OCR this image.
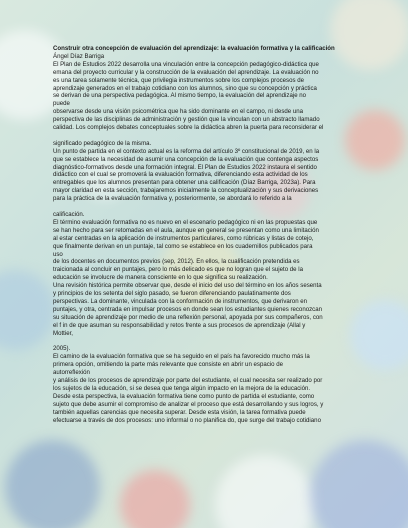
Construir otra concepción de evaluación del aprendizaje: la evaluación formativa y la calificación

Ángel Díaz Barriga

El Plan de Estudios 2022 desarrolla una vinculación entre la concepción pedagógico-didáctica que
emana del proyecto curricular y la construcción de la evaluación del aprendizaje. La evaluación no
es una tarea solamente técnica, que privilegia instrumentos sobre los complejos procesos de
aprendizaje generados en el trabajo cotidiano con los alumnos, sino que su concepción y práctica
se derivan de una perspectiva pedagógica. Al mismo tiempo, la evaluación del aprendizaje no
puede
observarse desde una visión psicométrica que ha sido dominante en el campo, ni desde una
perspectiva de las disciplinas de administración y gestión que la vinculan con un abstracto llamado
calidad. Los complejos debates conceptuales sobre la didáctica abren la puerta para reconsiderar el

significado pedagógico de la misma.
Un punto de partida en el contexto actual es la reforma del artículo 3º constitucional de 2019, en la
que se establece la necesidad de asumir una concepción de la evaluación que contenga aspectos
diagnóstico-formativos desde una formación integral. El Plan de Estudios 2022 instaura el sentido
didáctico con el cual se promoverá la evaluación formativa, diferenciando esta actividad de los
entregables que los alumnos presentan para obtener una calificación (Díaz Barriga, 2023a). Para
mayor claridad en esta sección, trabajaremos inicialmente la conceptualización y sus derivaciones
para la práctica de la evaluación formativa y, posteriormente, se abordará lo referido a la

calificación.
El término evaluación formativa no es nuevo en el escenario pedagógico ni en las propuestas que
se han hecho para ser retomadas en el aula, aunque en general se presentan como una limitación
al estar centradas en la aplicación de instrumentos particulares, como rúbricas y listas de cotejo,
que finalmente derivan en un puntaje, tal como se establece en los cuadernillos publicados para
uso
de los docentes en documentos previos (sep, 2012). En ellos, la cualificación pretendida es
traicionada al concluir en puntajes, pero lo más delicado es que no logran que el sujeto de la
educación se involucre de manera consciente en lo que significa su realización.
Una revisión histórica permite observar que, desde el inicio del uso del término en los años sesenta
y principios de los setenta del siglo pasado, se fueron diferenciando paulatinamente dos
perspectivas. La dominante, vinculada con la conformación de instrumentos, que derivaron en
puntajes, y otra, centrada en impulsar procesos en donde sean los estudiantes quienes reconozcan
su situación de aprendizaje por medio de una reflexión personal, apoyada por sus compañeros, con
el f in de que asuman su responsabilidad y retos frente a sus procesos de aprendizaje (Allal y
Mottier,

2005).
El camino de la evaluación formativa que se ha seguido en el país ha favorecido mucho más la
primera opción, omitiendo la parte más relevante que consiste en abrir un espacio de
autorreflexión
y análisis de los procesos de aprendizaje por parte del estudiante, el cual necesita ser realizado por
los sujetos de la educación, si se desea que tenga algún impacto en la mejora de la educación.
Desde esta perspectiva, la evaluación formativa tiene como punto de partida el estudiante, como
sujeto que debe asumir el compromiso de analizar el proceso que está desarrollando y sus logros, y
también aquellas carencias que necesita superar. Desde esta visión, la tarea formativa puede
efectuarse a través de dos procesos: uno informal o no planifica do, que surge del trabajo cotidiano
